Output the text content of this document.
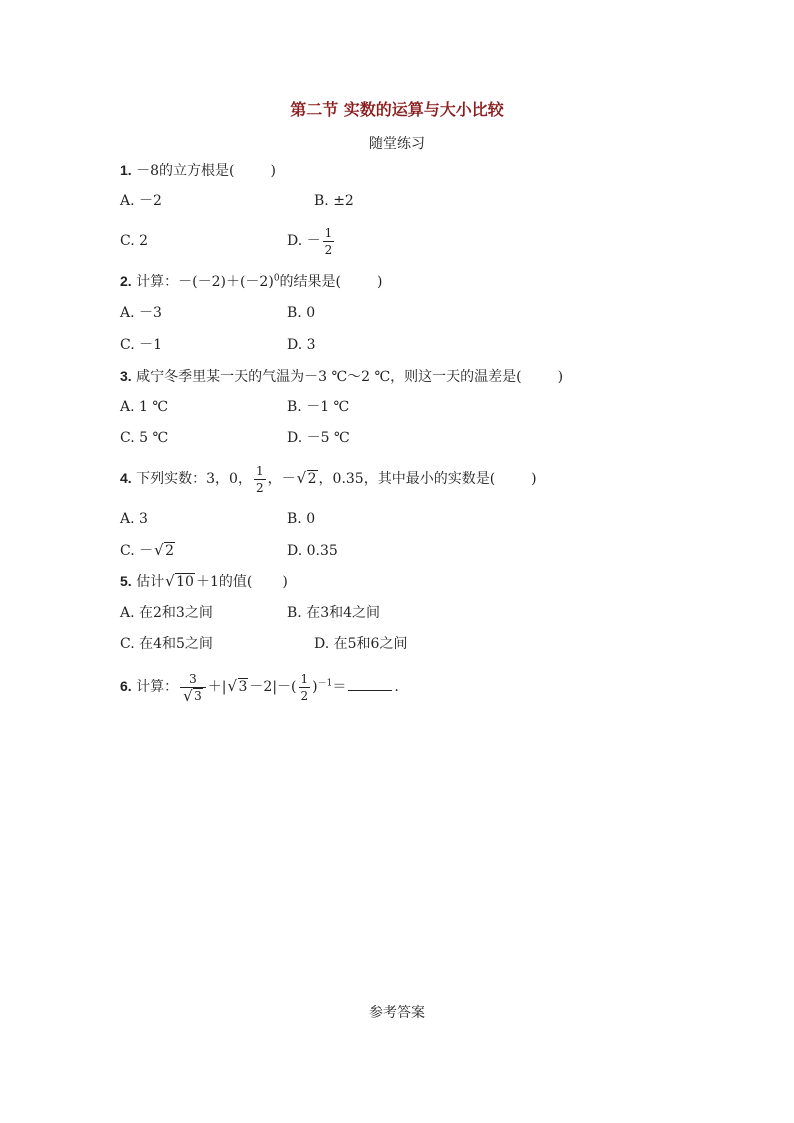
第二节 实数的运算与大小比较
随堂练习
1. －8的立方根是(	)
A. －2	B. ±2
C. 2	D. － $\frac{1}{2}$
2. 计算：$-(-2)+(-2)^0$的结果是(	)
A. －3	B. 0
C. －1	D. 3
3. 咸宁冬季里某一天的气温为－3 ℃～2 ℃，则这一天的温差是(	)
A. 1 ℃	B. －1 ℃
C. 5 ℃	D. －5 ℃
4. 下列实数：3，0， $\frac{1}{2}$ ，－ √ 2 ，0.35，其中最小的实数是(	)
A. 3	B. 0
C. － √ 2	D. 0.35
5. 估计 √ 10 ＋1的值( )
A. 在2和3之间	B. 在3和4之间
C. 在4和5之间	D. 在5和6之间
6. 计算： 3
√ 3 ＋| √ $3 -2|-( \frac{1}{2} )^{-1}=$	.
参考答案
